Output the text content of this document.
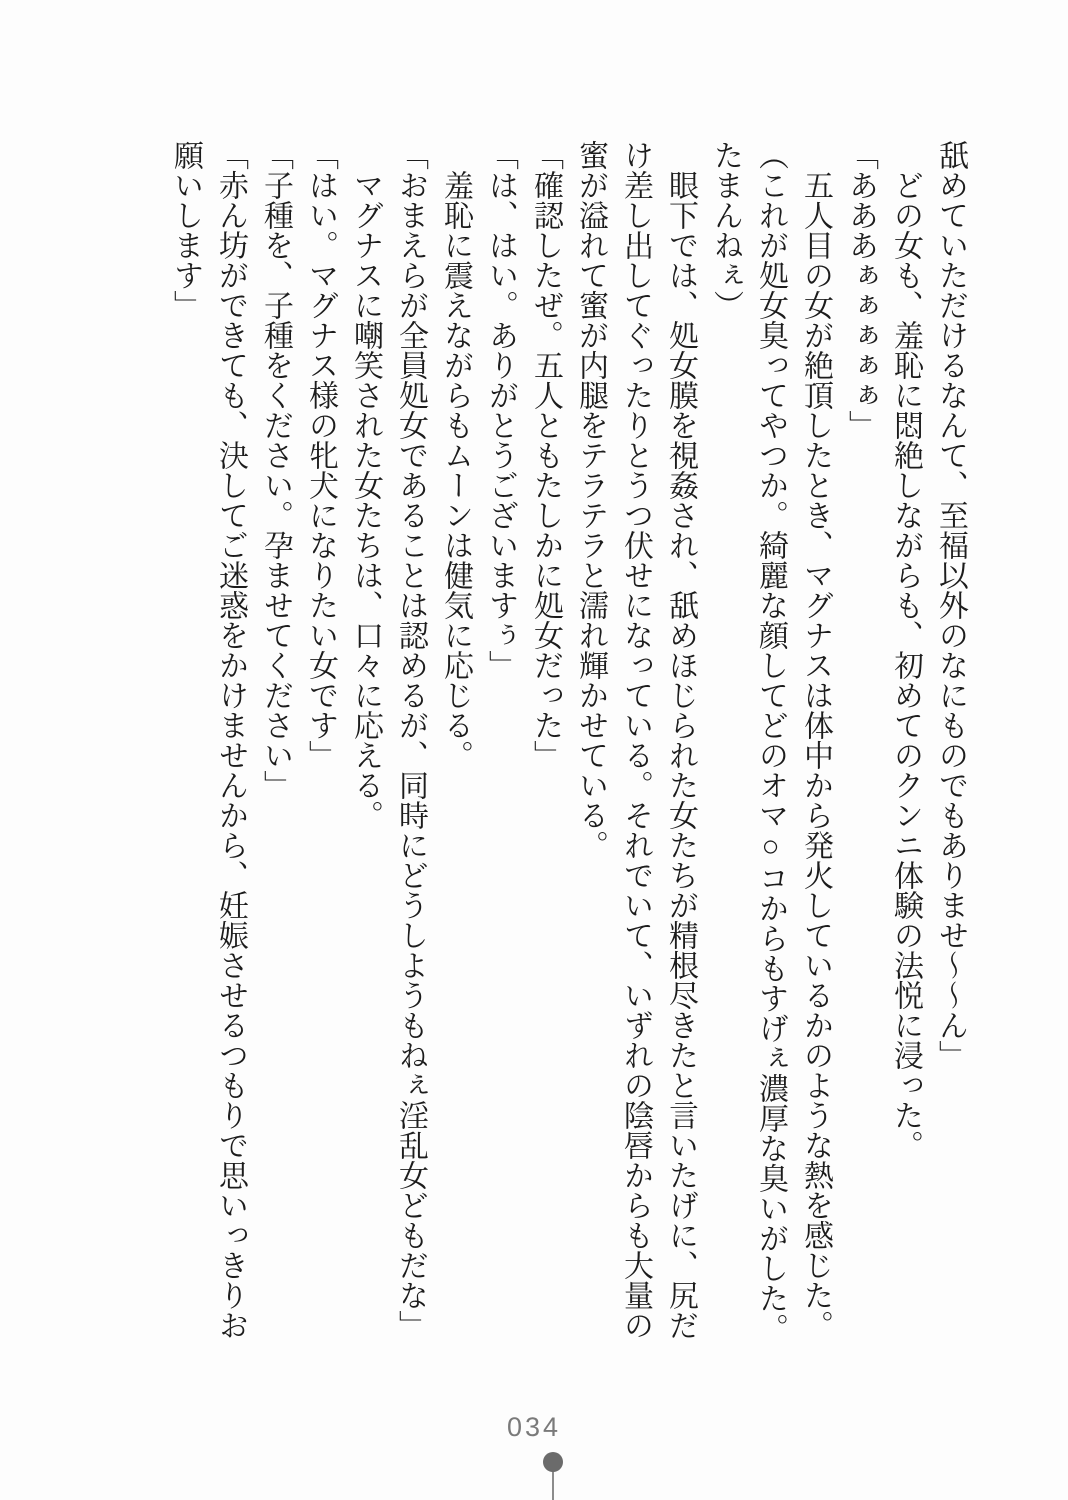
舐めていただけるなんて、至福以外のなにものでもありませ～～ん」

どの女も、羞恥に悶絶しながらも、初めてのクンニ体験の法悦に浸った。

「あああぁぁぁぁぁ」

五人目の女が絶頂したとき、マグナスは体中から発火しているかのような熱を感じた。

（これが処女臭ってやつか。綺麗な顔してどのオマ○コからもすげぇ濃厚な臭いがした。たまんねぇ）

眼下では、処女膜を視姦され、舐めほじられた女たちが精根尽きたと言いたげに、尻だけ差し出してぐったりとうつ伏せになっている。それでいて、いずれの陰唇からも大量の蜜が溢れて蜜が内腿をテラテラと濡れ輝かせている。

「確認したぜ。五人ともたしかに処女だった」

「は、はい。ありがとうございますぅ」

羞恥に震えながらもムーンは健気に応じる。

「おまえらが全員処女であることは認めるが、同時にどうしようもねぇ淫乱女どもだな」

マグナスに嘲笑された女たちは、口々に応える。

「はい。マグナス様の牝犬になりたい女です」

「子種を、子種をください。孕ませてください」

「赤ん坊ができても、決してご迷惑をかけませんから、妊娠させるつもりで思いっきりお願いします」

034
